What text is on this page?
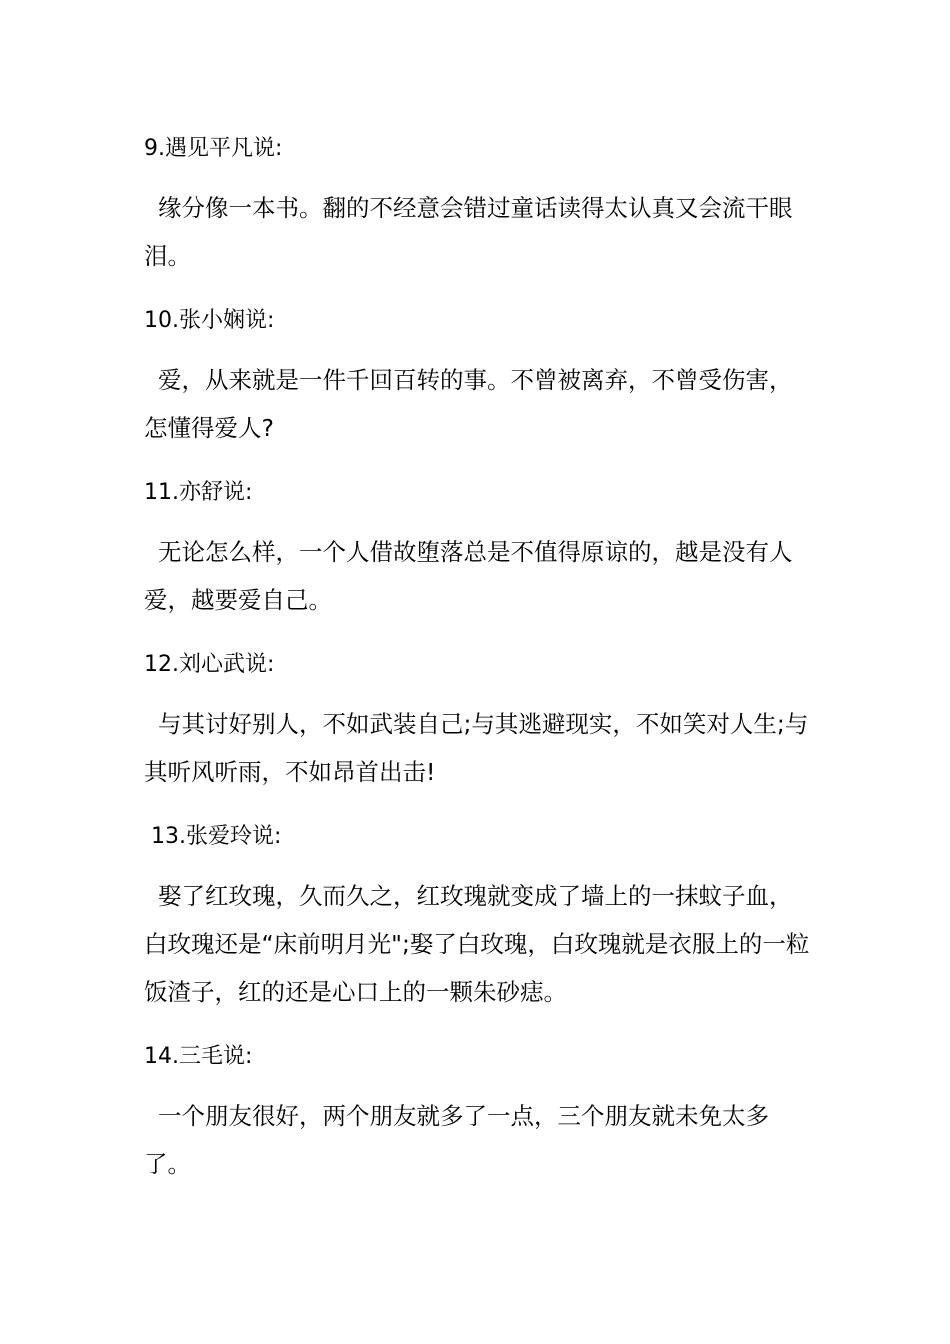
9.遇见平凡说:
缘分像一本书。翻的不经意会错过童话读得太认真又会流干眼泪。
10.张小娴说:
爱，从来就是一件千回百转的事。不曾被离弃，不曾受伤害，怎懂得爱人?
11.亦舒说:
无论怎么样，一个人借故堕落总是不值得原谅的，越是没有人爱，越要爱自己。
12.刘心武说:
与其讨好别人，不如武装自己;与其逃避现实，不如笑对人生;与其听风听雨，不如昂首出击!
13.张爱玲说:
娶了红玫瑰，久而久之，红玫瑰就变成了墙上的一抹蚊子血，白玫瑰还是“床前明月光";娶了白玫瑰，白玫瑰就是衣服上的一粒饭渣子，红的还是心口上的一颗朱砂痣。
14.三毛说:
一个朋友很好，两个朋友就多了一点，三个朋友就未免太多了。
